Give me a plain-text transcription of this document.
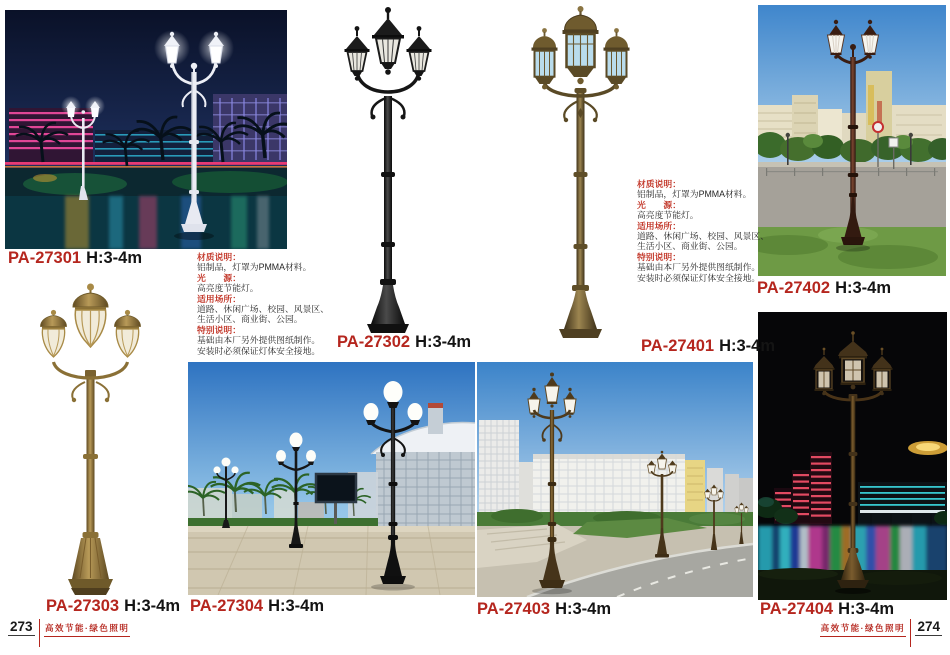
PA-27301 H:3-4m
PA-27302 H:3-4m	PA-27401 H:3-4m
PA-27402 H:3-4m
PA-27303 H:3-4m PA-27304 H:3-4m	PA-27403 H:3-4m	PA-27404 H:3-4m
材质说明：
铝制品，灯罩为PMMA材料。
光　　源：
高亮度节能灯。
适用场所：
道路、休闲广场、校园、风景区、
生活小区、商业街、公园。
特别说明：
基础由本厂另外提供图纸制作。
安装时必须保证灯体安全接地。
材质说明：
铝制品，灯罩为PMMA材料。
光　　源：
高亮度节能灯。
适用场所：
道路、休闲广场、校园、风景区、
生活小区、商业街、公园。
特别说明：
基础由本厂另外提供图纸制作。
安装时必须保证灯体安全接地。
273 高效节能·绿色照明	高效节能·绿色照明 274
